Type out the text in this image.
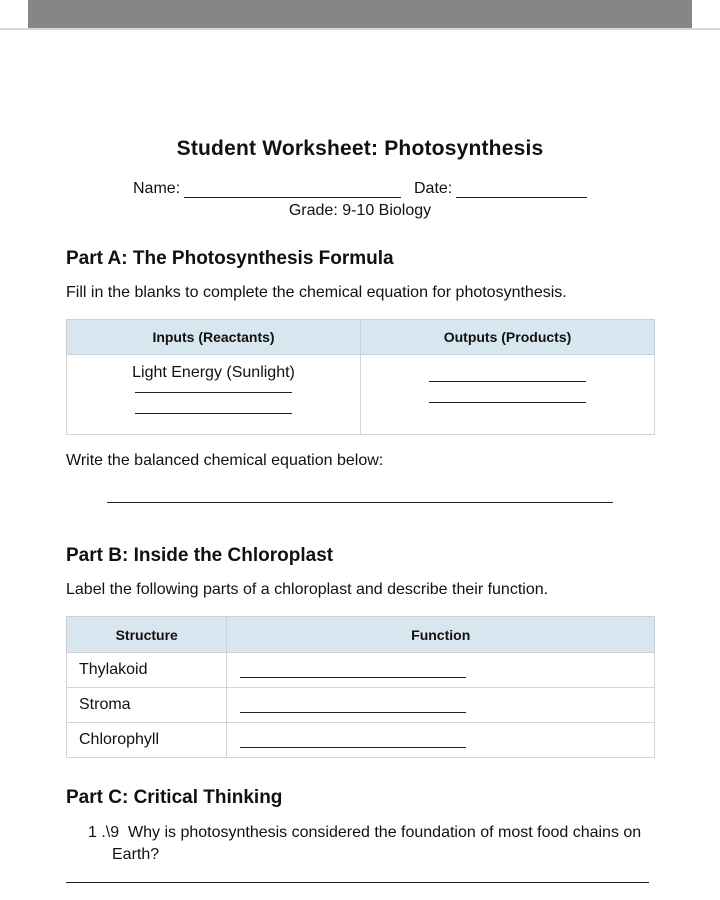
Student Worksheet: Photosynthesis
Name:	Date:
Grade: 9-10 Biology
Part A: The Photosynthesis Formula
Fill in the blanks to complete the chemical equation for photosynthesis.
Inputs (Reactants)	Outputs (Products)

Light Energy (Sunlight)	

Write the balanced chemical equation below:
Part B: Inside the Chloroplast
Label the following parts of a chloroplast and describe their function.
Structure	Function
Thylakoid	

Stroma	

Chlorophyll	
Part C: Critical Thinking
1 .\9 Why is photosynthesis considered the foundation of most food chains on
Earth?
